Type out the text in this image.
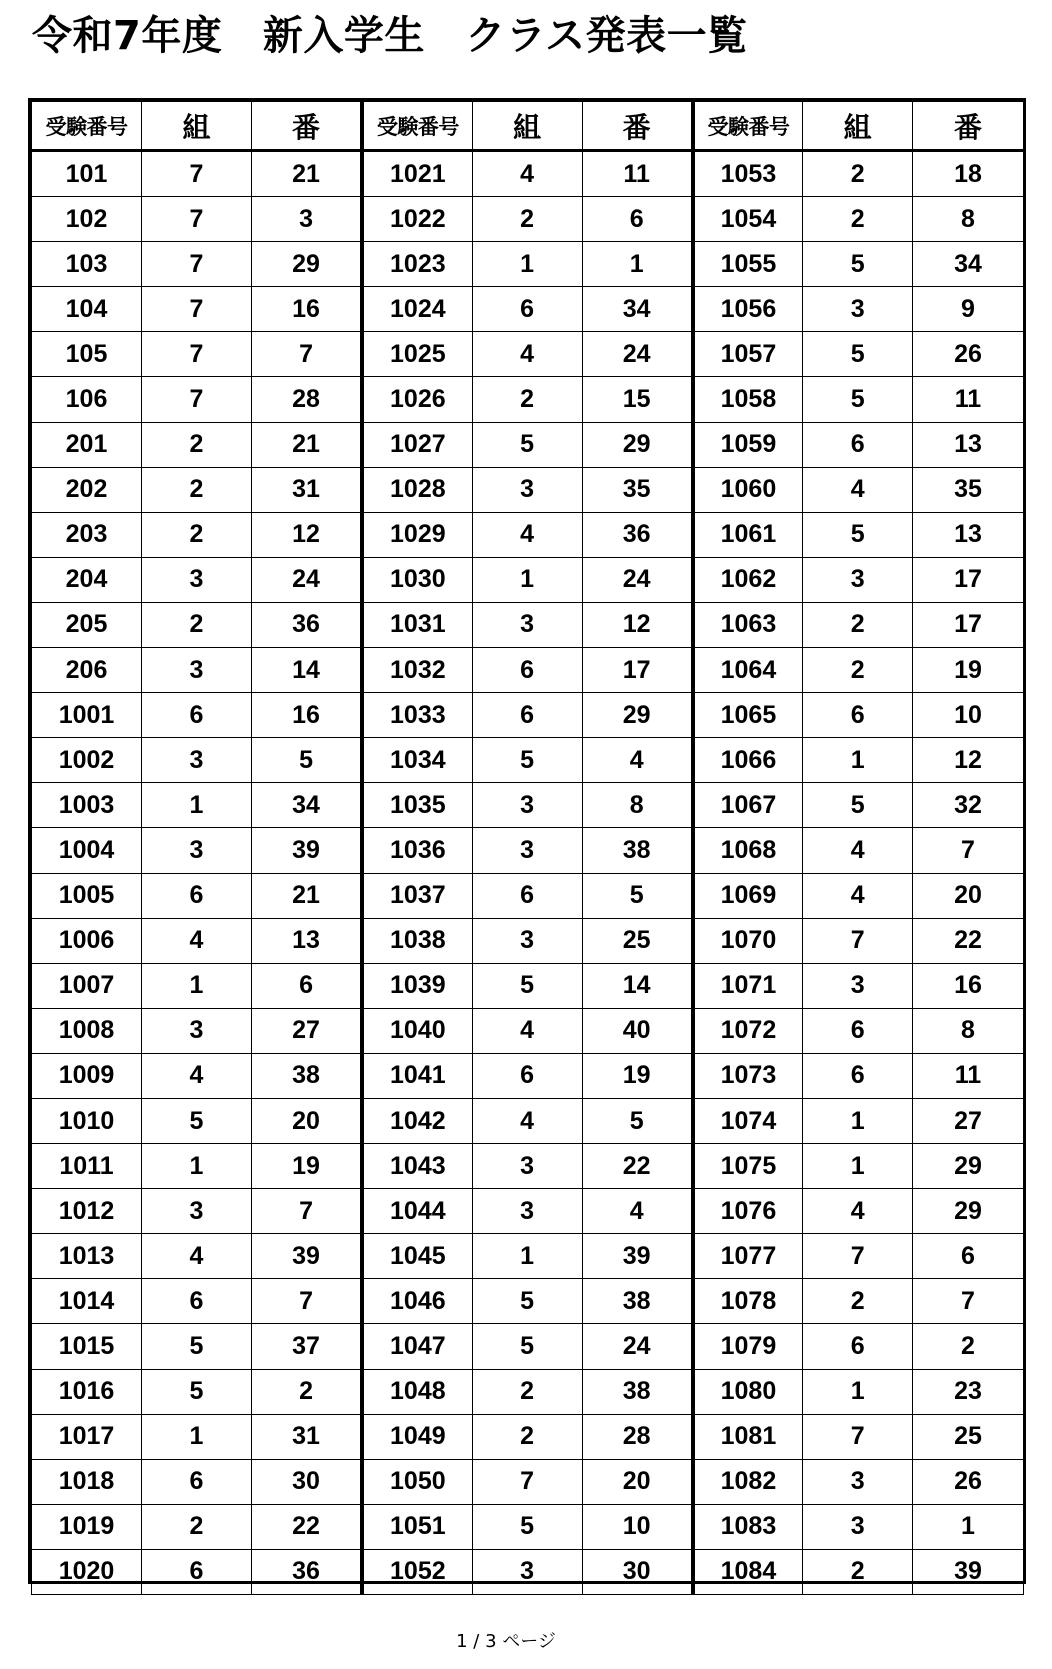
令和7年度　新入学生　クラス発表一覧
受験番号	組	番	受験番号	組	番	受験番号	組	番
101	7	21	1021	4	11	1053	2	18
102	7	3	1022	2	6	1054	2	8
103	7	29	1023	1	1	1055	5	34
104	7	16	1024	6	34	1056	3	9
105	7	7	1025	4	24	1057	5	26
106	7	28	1026	2	15	1058	5	11
201	2	21	1027	5	29	1059	6	13
202	2	31	1028	3	35	1060	4	35
203	2	12	1029	4	36	1061	5	13
204	3	24	1030	1	24	1062	3	17
205	2	36	1031	3	12	1063	2	17
206	3	14	1032	6	17	1064	2	19
1001	6	16	1033	6	29	1065	6	10
1002	3	5	1034	5	4	1066	1	12
1003	1	34	1035	3	8	1067	5	32
1004	3	39	1036	3	38	1068	4	7
1005	6	21	1037	6	5	1069	4	20
1006	4	13	1038	3	25	1070	7	22
1007	1	6	1039	5	14	1071	3	16
1008	3	27	1040	4	40	1072	6	8
1009	4	38	1041	6	19	1073	6	11
1010	5	20	1042	4	5	1074	1	27
1011	1	19	1043	3	22	1075	1	29
1012	3	7	1044	3	4	1076	4	29
1013	4	39	1045	1	39	1077	7	6
1014	6	7	1046	5	38	1078	2	7
1015	5	37	1047	5	24	1079	6	2
1016	5	2	1048	2	38	1080	1	23
1017	1	31	1049	2	28	1081	7	25
1018	6	30	1050	7	20	1082	3	26
1019	2	22	1051	5	10	1083	3	1
1020	6	36	1052	3	30	1084	2	39
1 / 3 ページ
